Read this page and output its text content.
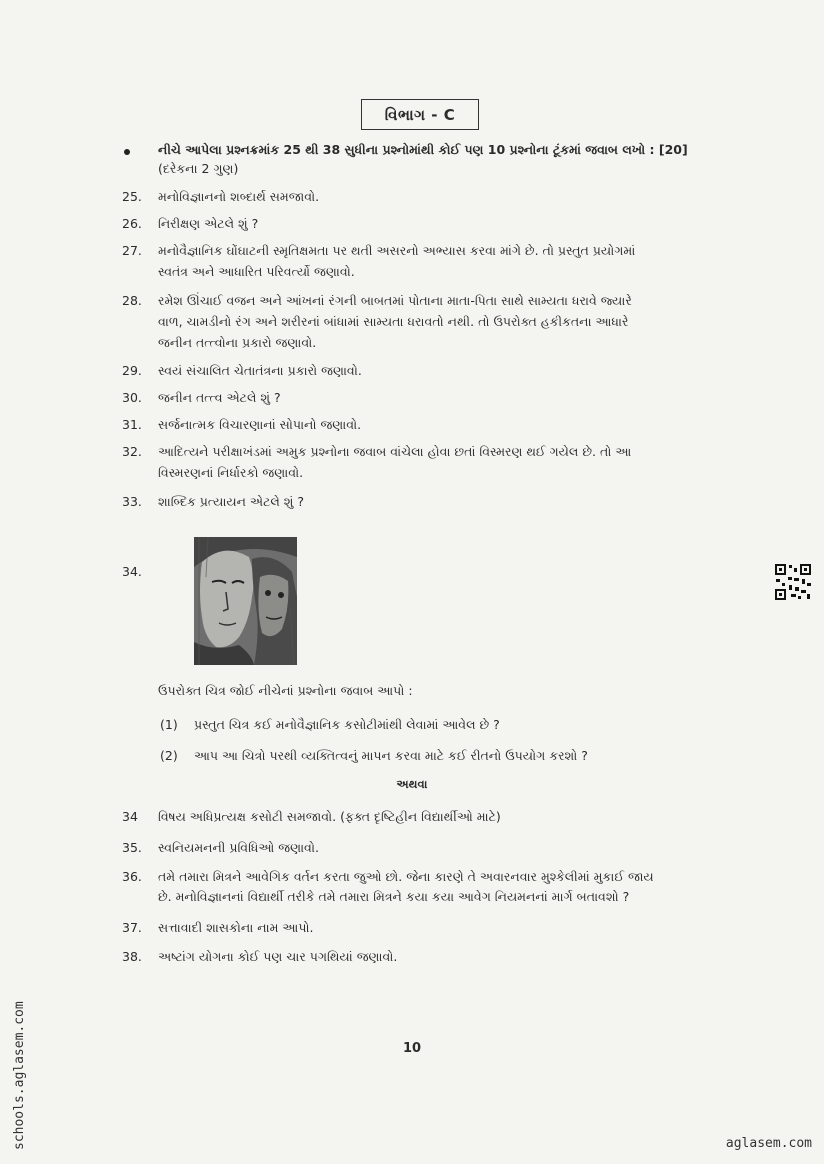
વિભાગ - C
નીચે આપેલા પ્રશ્નક્રમાંક 25 થી 38 સુધીના પ્રશ્નોમાંથી કોઈ પણ 10 પ્રશ્નોના ટૂંકમાં જવાબ લખો : [20]
(દરેકના 2 ગુણ)
25. મનોવિજ્ઞાનનો શબ્દાર્થ સમજાવો.
26. નિરીક્ષણ એટલે શું ?
27. મનોવૈજ્ઞાનિક ઘોંઘાટની સ્મૃતિક્ષમતા પર થતી અસરનો અભ્યાસ કરવા માંગે છે. તો પ્રસ્તુત પ્રયોગમાં
સ્વતંત્ર અને આધારિત પરિવર્ત્યો જણાવો.
28. રમેશ ઊંચાઈ વજન અને આંખનાં રંગની બાબતમાં પોતાના માતા-પિતા સાથે સામ્યતા ધરાવે જ્યારે
વાળ, ચામડીનો રંગ અને શરીરનાં બાંધામાં સામ્યતા ધરાવતો નથી. તો ઉપરોક્ત હકીકતના આધારે
જનીન તત્ત્વોના પ્રકારો જણાવો.
29. સ્વયં સંચાલિત ચેતાતંત્રના પ્રકારો જણાવો.
30. જનીન તત્ત્વ એટલે શું ?
31. સર્જનાત્મક વિચારણાનાં સોપાનો જણાવો.
32. આદિત્યને પરીક્ષાખંડમાં અમુક પ્રશ્નોના જવાબ વાંચેલા હોવા છતાં વિસ્મરણ થઈ ગયેલ છે. તો આ
વિસ્મરણનાં નિર્ધારકો જણાવો.
33. શાબ્દિક પ્રત્યાયન એટલે શું ?
34.
ઉપરોક્ત ચિત્ર જોઈ નીચેનાં પ્રશ્નોના જવાબ આપો :
(1) પ્રસ્તુત ચિત્ર કઈ મનોવૈજ્ઞાનિક કસોટીમાંથી લેવામાં આવેલ છે ?
(2) આપ આ ચિત્રો પરથી વ્યક્તિત્વનું માપન કરવા માટે કઈ રીતનો ઉપયોગ કરશો ?
અથવા
34 વિષય અધિપ્રત્યક્ષ કસોટી સમજાવો. (ફક્ત દૃષ્ટિહીન વિદ્યાર્થીઓ માટે)
35. સ્વનિયમનની પ્રવિધિઓ જણાવો.
36. તમે તમારા મિત્રને આવેગિક વર્તન કરતા જુઓ છો. જેના કારણે તે અવારનવાર મુશ્કેલીમાં મુકાઈ જાય
છે. મનોવિજ્ઞાનનાં વિદ્યાર્થી તરીકે તમે તમારા મિત્રને કયા કયા આવેગ નિયમનનાં માર્ગ બતાવશો ?
37. સત્તાવાદી શાસકોના નામ આપો.
38. અષ્ટાંગ યોગના કોઈ પણ ચાર પગથિયાં જણાવો.
10
schools.aglasem.com	aglasem.com
